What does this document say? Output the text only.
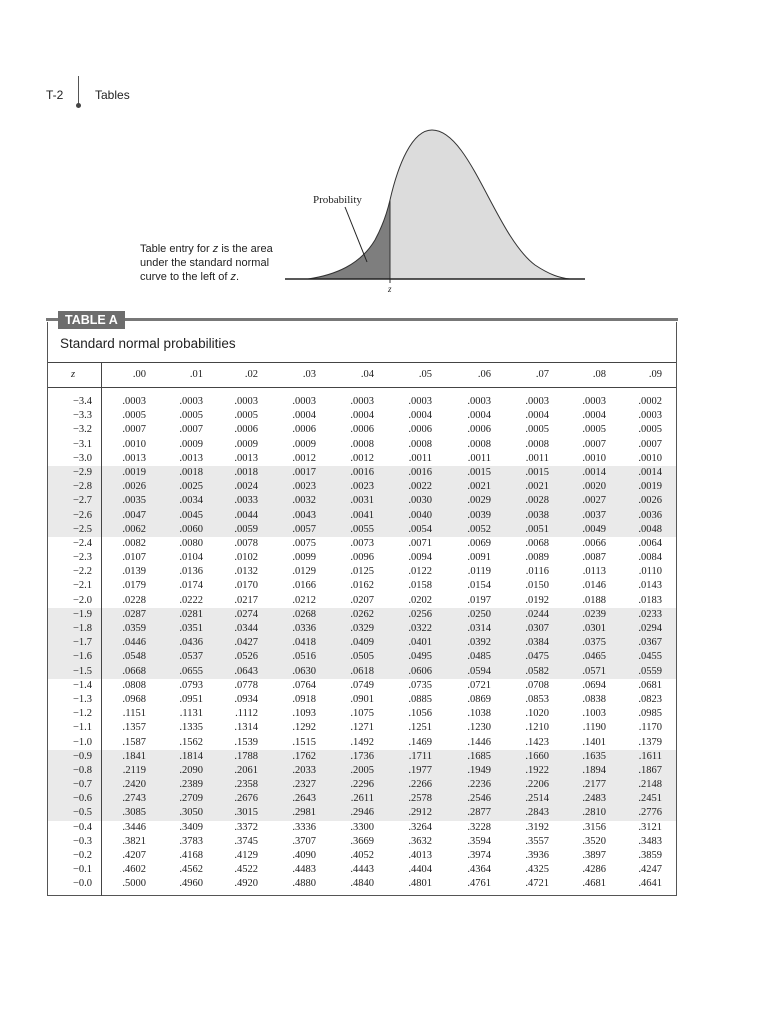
T-2	Tables
Probability
z
Table entry for z is the area under the standard normal curve to the left of z.
TABLE A
Standard normal probabilities
z	.00	.01	.02	.03	.04	.05	.06	.07	.08	.09
−3.4	.0003	.0003	.0003	.0003	.0003	.0003	.0003	.0003	.0003	.0002
−3.3	.0005	.0005	.0005	.0004	.0004	.0004	.0004	.0004	.0004	.0003
−3.2	.0007	.0007	.0006	.0006	.0006	.0006	.0006	.0005	.0005	.0005
−3.1	.0010	.0009	.0009	.0009	.0008	.0008	.0008	.0008	.0007	.0007
−3.0	.0013	.0013	.0013	.0012	.0012	.0011	.0011	.0011	.0010	.0010
−2.9	.0019	.0018	.0018	.0017	.0016	.0016	.0015	.0015	.0014	.0014
−2.8	.0026	.0025	.0024	.0023	.0023	.0022	.0021	.0021	.0020	.0019
−2.7	.0035	.0034	.0033	.0032	.0031	.0030	.0029	.0028	.0027	.0026
−2.6	.0047	.0045	.0044	.0043	.0041	.0040	.0039	.0038	.0037	.0036
−2.5	.0062	.0060	.0059	.0057	.0055	.0054	.0052	.0051	.0049	.0048
−2.4	.0082	.0080	.0078	.0075	.0073	.0071	.0069	.0068	.0066	.0064
−2.3	.0107	.0104	.0102	.0099	.0096	.0094	.0091	.0089	.0087	.0084
−2.2	.0139	.0136	.0132	.0129	.0125	.0122	.0119	.0116	.0113	.0110
−2.1	.0179	.0174	.0170	.0166	.0162	.0158	.0154	.0150	.0146	.0143
−2.0	.0228	.0222	.0217	.0212	.0207	.0202	.0197	.0192	.0188	.0183
−1.9	.0287	.0281	.0274	.0268	.0262	.0256	.0250	.0244	.0239	.0233
−1.8	.0359	.0351	.0344	.0336	.0329	.0322	.0314	.0307	.0301	.0294
−1.7	.0446	.0436	.0427	.0418	.0409	.0401	.0392	.0384	.0375	.0367
−1.6	.0548	.0537	.0526	.0516	.0505	.0495	.0485	.0475	.0465	.0455
−1.5	.0668	.0655	.0643	.0630	.0618	.0606	.0594	.0582	.0571	.0559
−1.4	.0808	.0793	.0778	.0764	.0749	.0735	.0721	.0708	.0694	.0681
−1.3	.0968	.0951	.0934	.0918	.0901	.0885	.0869	.0853	.0838	.0823
−1.2	.1151	.1131	.1112	.1093	.1075	.1056	.1038	.1020	.1003	.0985
−1.1	.1357	.1335	.1314	.1292	.1271	.1251	.1230	.1210	.1190	.1170
−1.0	.1587	.1562	.1539	.1515	.1492	.1469	.1446	.1423	.1401	.1379
−0.9	.1841	.1814	.1788	.1762	.1736	.1711	.1685	.1660	.1635	.1611
−0.8	.2119	.2090	.2061	.2033	.2005	.1977	.1949	.1922	.1894	.1867
−0.7	.2420	.2389	.2358	.2327	.2296	.2266	.2236	.2206	.2177	.2148
−0.6	.2743	.2709	.2676	.2643	.2611	.2578	.2546	.2514	.2483	.2451
−0.5	.3085	.3050	.3015	.2981	.2946	.2912	.2877	.2843	.2810	.2776
−0.4	.3446	.3409	.3372	.3336	.3300	.3264	.3228	.3192	.3156	.3121
−0.3	.3821	.3783	.3745	.3707	.3669	.3632	.3594	.3557	.3520	.3483
−0.2	.4207	.4168	.4129	.4090	.4052	.4013	.3974	.3936	.3897	.3859
−0.1	.4602	.4562	.4522	.4483	.4443	.4404	.4364	.4325	.4286	.4247
−0.0	.5000	.4960	.4920	.4880	.4840	.4801	.4761	.4721	.4681	.4641
